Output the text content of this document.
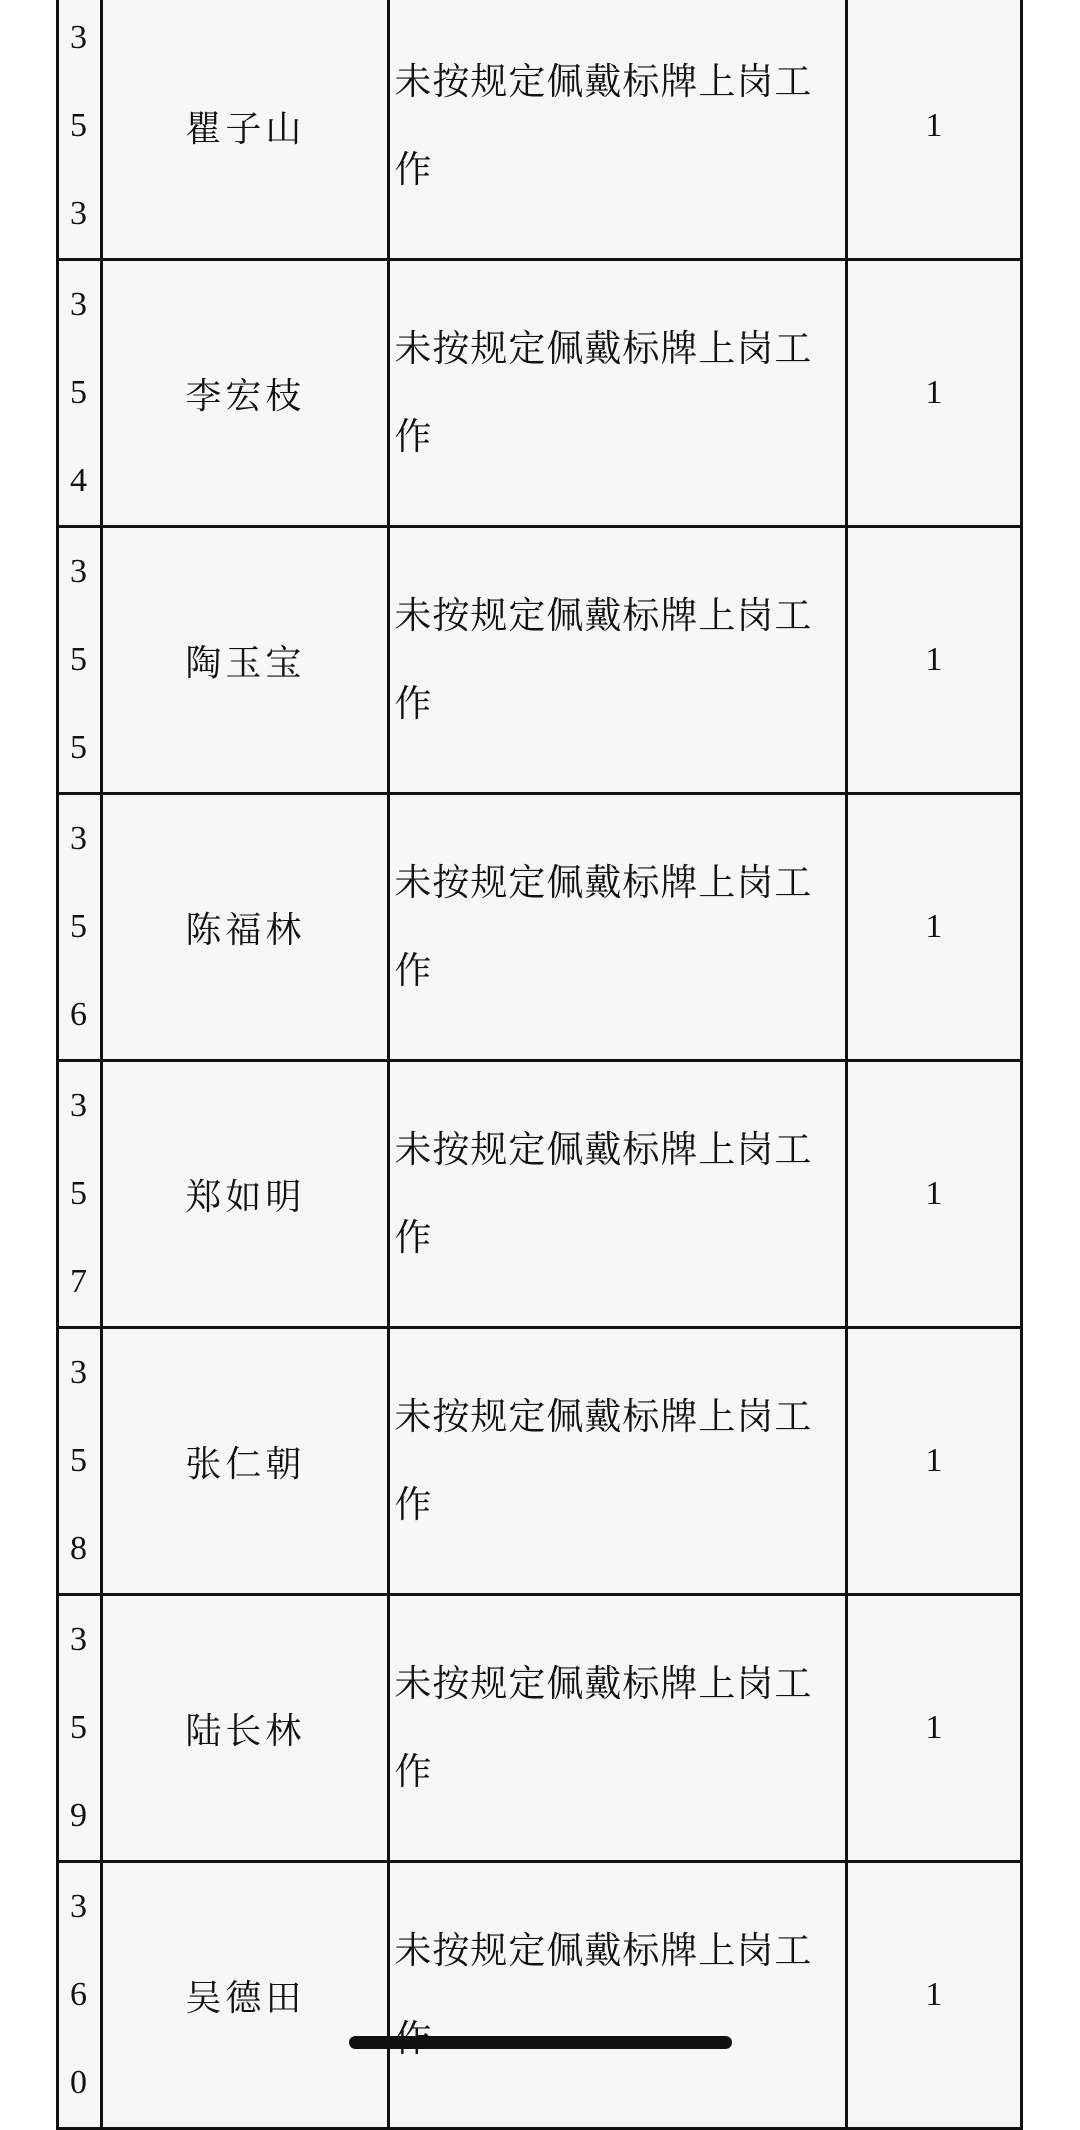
3
5
3	瞿子山	未按规定佩戴标牌上岗工作	1

3
5
4	李宏枝	未按规定佩戴标牌上岗工作	1

3
5
5	陶玉宝	未按规定佩戴标牌上岗工作	1

3
5
6	陈福林	未按规定佩戴标牌上岗工作	1

3
5
7	郑如明	未按规定佩戴标牌上岗工作	1

3
5
8	张仁朝	未按规定佩戴标牌上岗工作	1

3
5
9	陆长林	未按规定佩戴标牌上岗工作	1

3
6
0	吴德田	未按规定佩戴标牌上岗工	1
